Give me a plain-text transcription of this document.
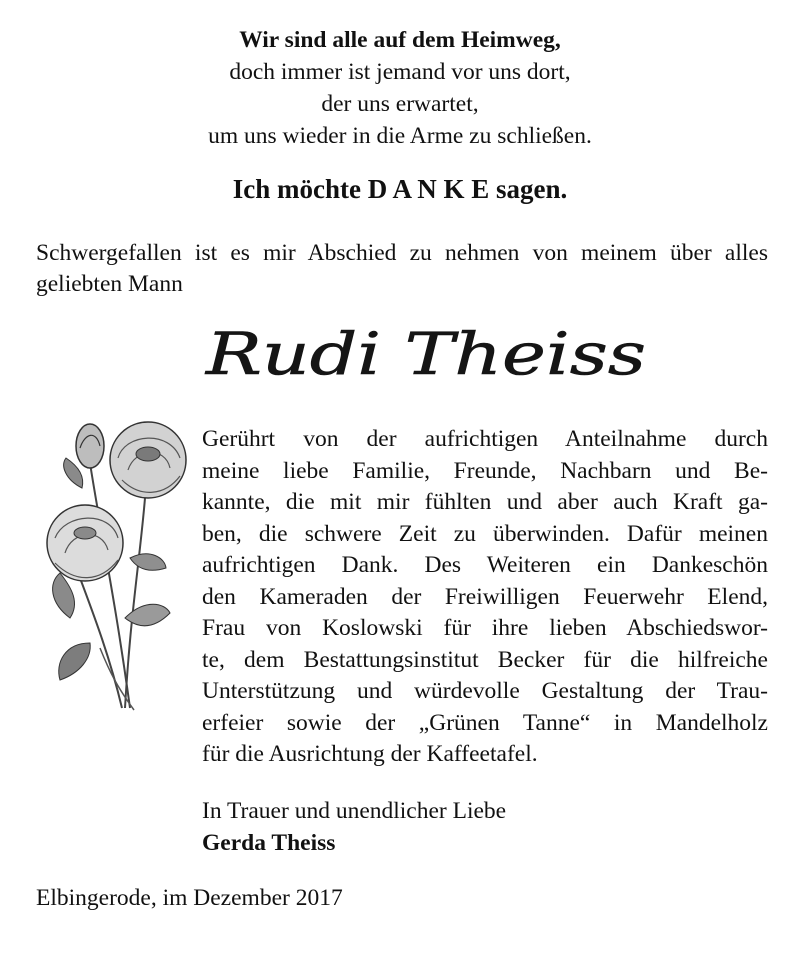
Wir sind alle auf dem Heimweg,
doch immer ist jemand vor uns dort,
der uns erwartet,
um uns wieder in die Arme zu schließen.
Ich möchte D A N K E sagen.
Schwergefallen ist es mir Abschied zu nehmen von meinem über alles geliebten Mann
Rudi Theiss
Gerührt von der aufrichtigen Anteilnahme durch
meine liebe Familie, Freunde, Nachbarn und Be-
kannte, die mit mir fühlten und aber auch Kraft ga-
ben, die schwere Zeit zu überwinden. Dafür meinen
aufrichtigen Dank. Des Weiteren ein Dankeschön
den Kameraden der Freiwilligen Feuerwehr Elend,
Frau von Koslowski für ihre lieben Abschiedswor-
te, dem Bestattungsinstitut Becker für die hilfreiche
Unterstützung und würdevolle Gestaltung der Trau-
erfeier sowie der „Grünen Tanne“ in Mandelholz
für die Ausrichtung der Kaffeetafel.
In Trauer und unendlicher Liebe
Gerda Theiss
Elbingerode, im Dezember 2017
